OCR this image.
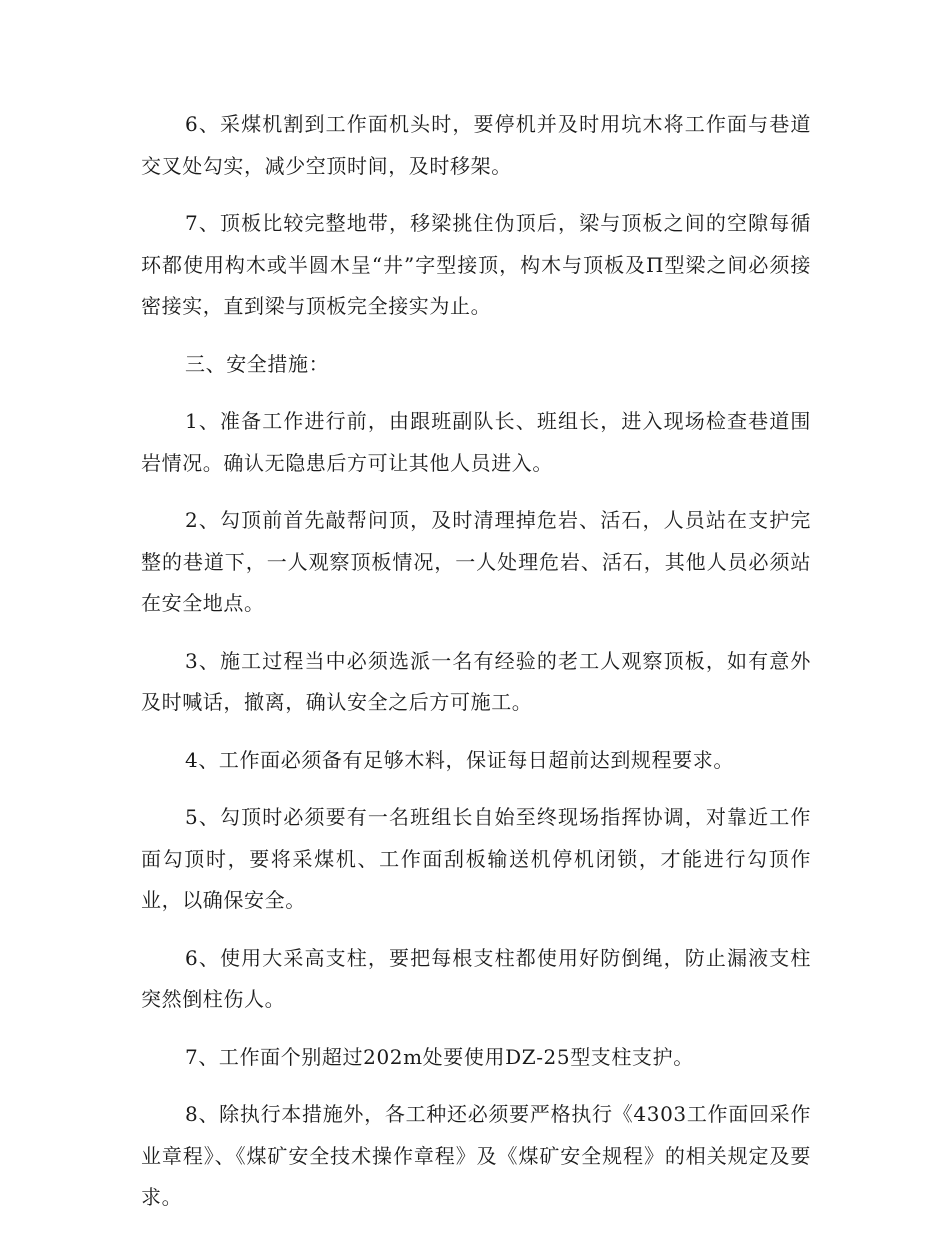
6、采煤机割到工作面机头时，要停机并及时用坑木将工作面与巷道交叉处勾实，减少空顶时间，及时移架。

7、顶板比较完整地带，移梁挑住伪顶后，梁与顶板之间的空隙每循环都使用构木或半圆木呈“井”字型接顶，构木与顶板及Π型梁之间必须接密接实，直到梁与顶板完全接实为止。

三、安全措施：

1、准备工作进行前，由跟班副队长、班组长，进入现场检查巷道围岩情况。确认无隐患后方可让其他人员进入。

2、勾顶前首先敲帮问顶，及时清理掉危岩、活石，人员站在支护完整的巷道下，一人观察顶板情况，一人处理危岩、活石，其他人员必须站在安全地点。

3、施工过程当中必须选派一名有经验的老工人观察顶板，如有意外及时喊话，撤离，确认安全之后方可施工。

4、工作面必须备有足够木料，保证每日超前达到规程要求。

5、勾顶时必须要有一名班组长自始至终现场指挥协调，对靠近工作面勾顶时，要将采煤机、工作面刮板输送机停机闭锁，才能进行勾顶作业，以确保安全。

6、使用大采高支柱，要把每根支柱都使用好防倒绳，防止漏液支柱突然倒柱伤人。

7、工作面个别超过202m处要使用DZ-25型支柱支护。

8、除执行本措施外，各工种还必须要严格执行《4303工作面回采作业章程》、《煤矿安全技术操作章程》及《煤矿安全规程》的相关规定及要求。
